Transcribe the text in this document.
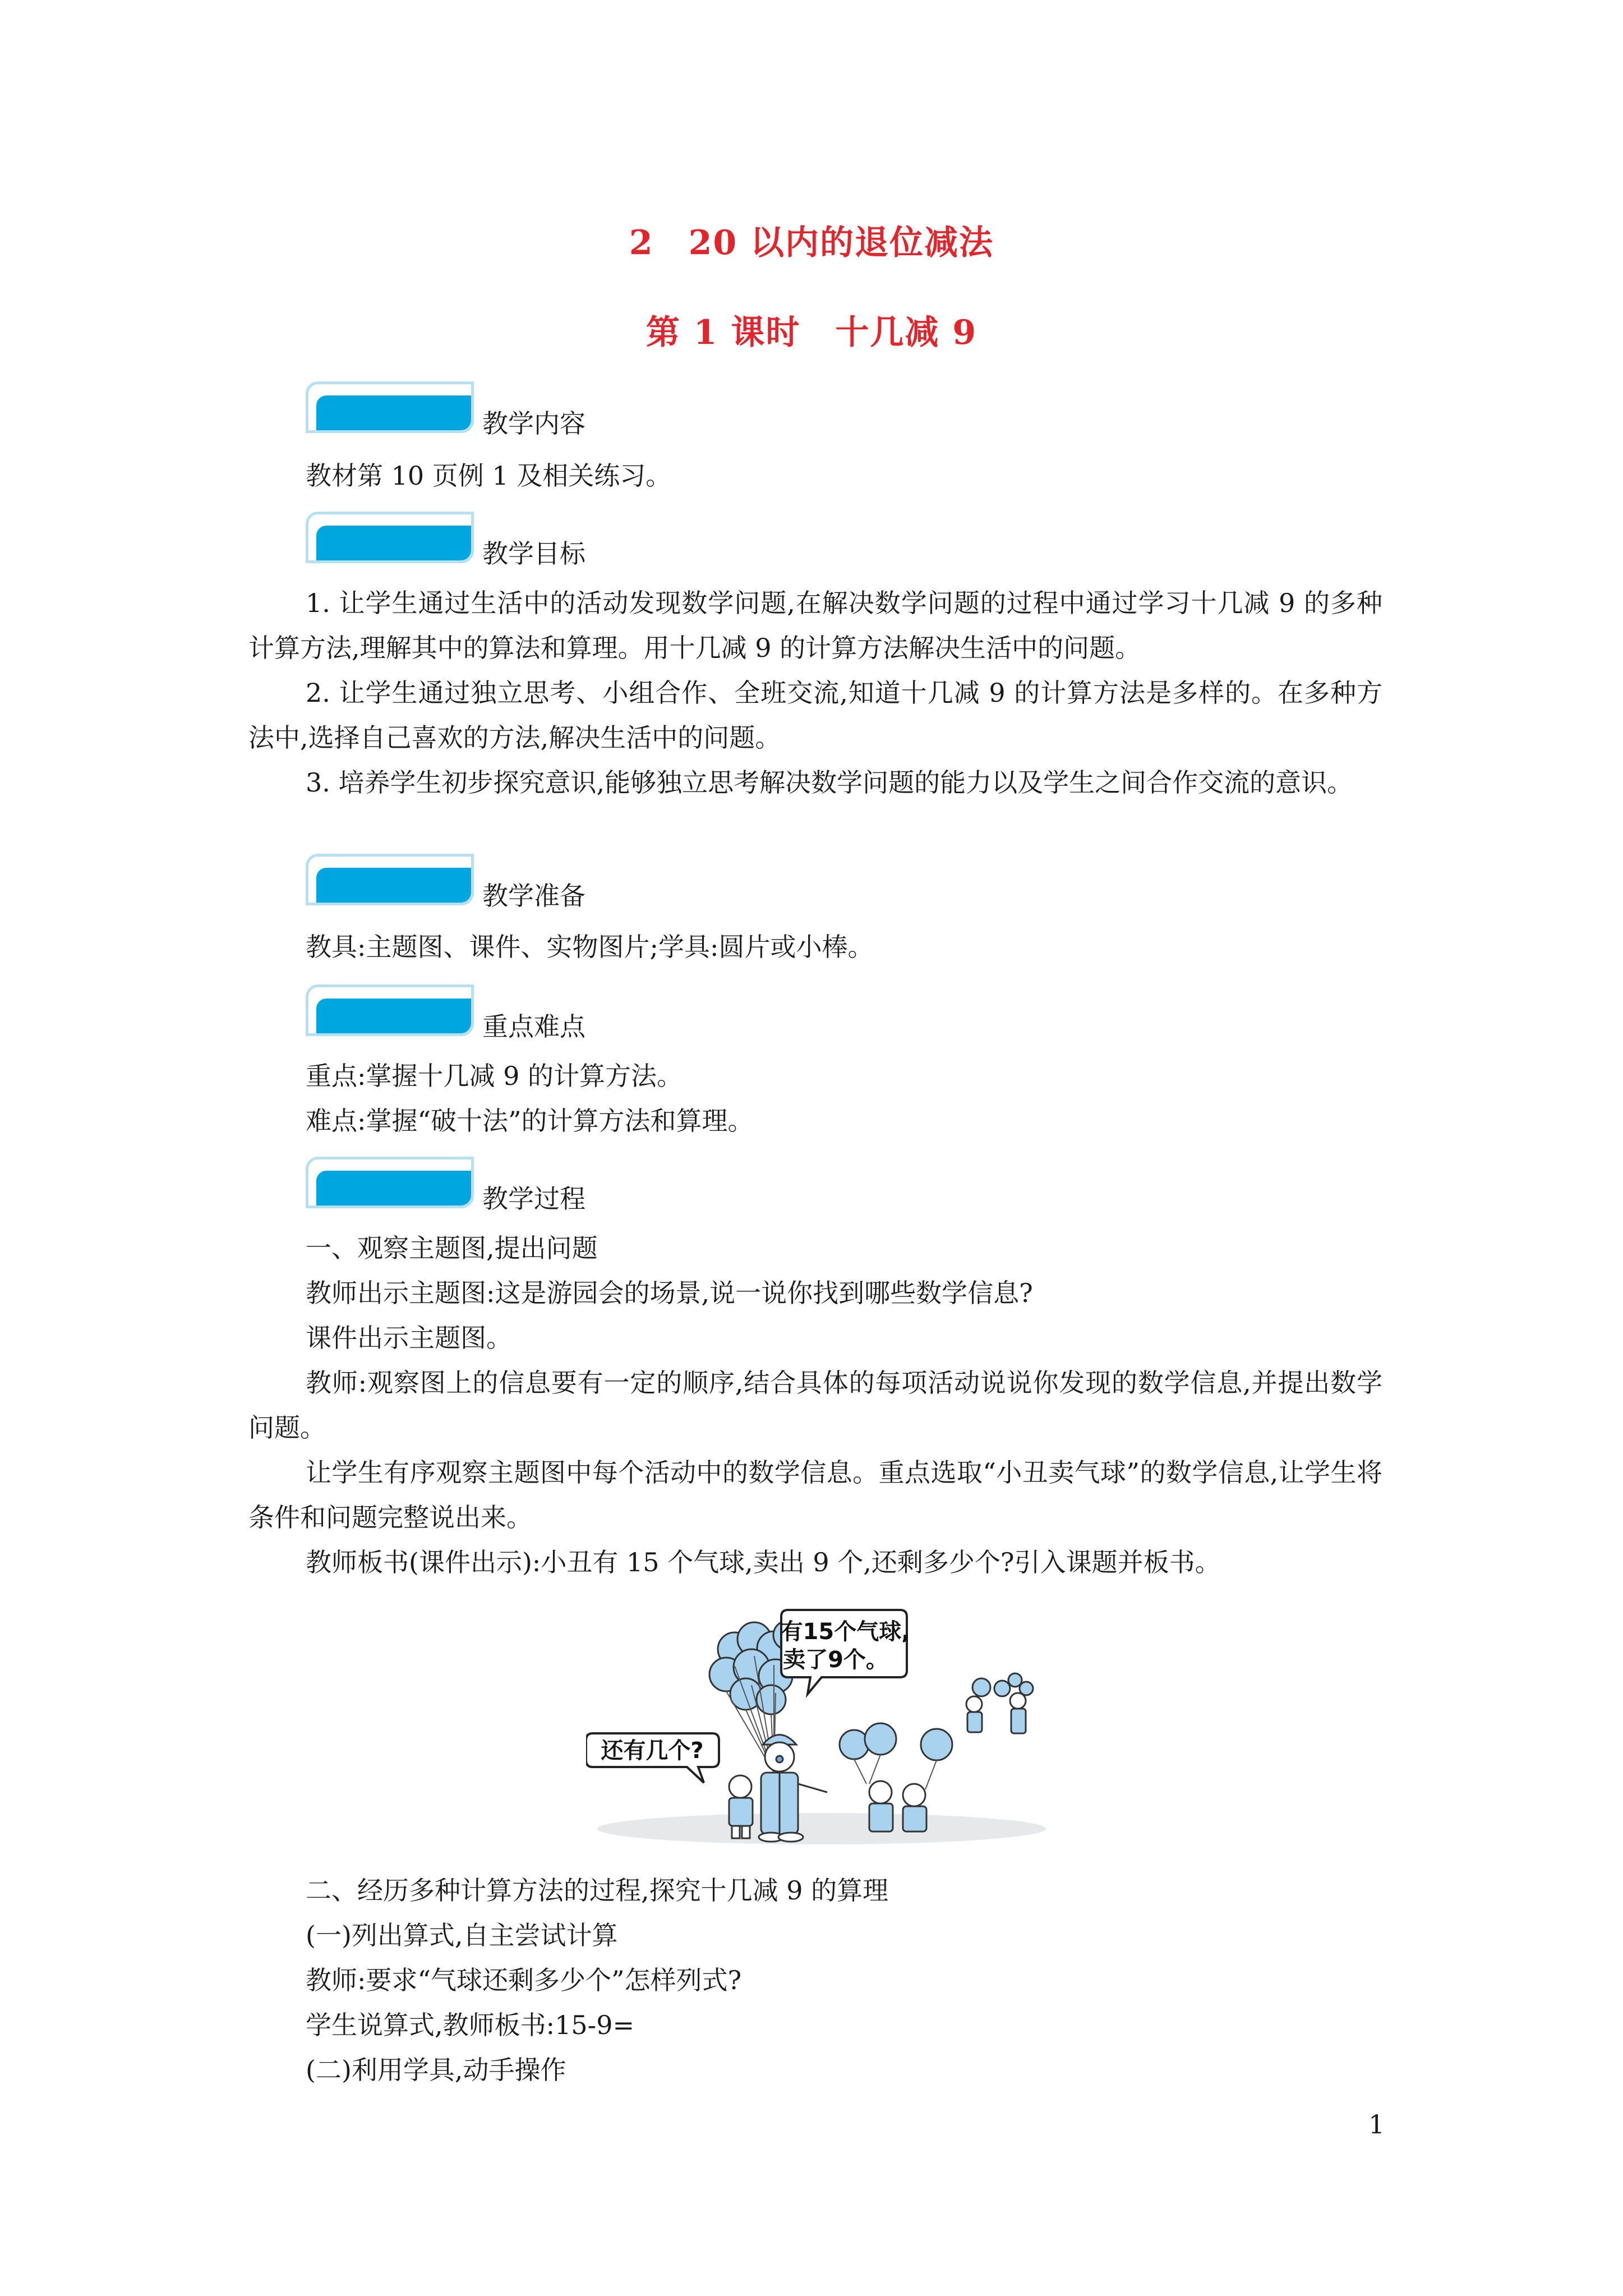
2　20 以内的退位减法
第 1 课时　十几减 9
教学内容
教材第 10 页例 1 及相关练习。
教学目标
1. 让学生通过生活中的活动发现数学问题,在解决数学问题的过程中通过学习十几减 9 的多种计算方法,理解其中的算法和算理。用十几减 9 的计算方法解决生活中的问题。
2. 让学生通过独立思考、小组合作、全班交流,知道十几减 9 的计算方法是多样的。在多种方法中,选择自己喜欢的方法,解决生活中的问题。
3. 培养学生初步探究意识,能够独立思考解决数学问题的能力以及学生之间合作交流的意识。
教学准备
教具:主题图、课件、实物图片;学具:圆片或小棒。
重点难点
重点:掌握十几减 9 的计算方法。
难点:掌握“破十法”的计算方法和算理。
教学过程
一、观察主题图,提出问题
教师出示主题图:这是游园会的场景,说一说你找到哪些数学信息?
课件出示主题图。
教师:观察图上的信息要有一定的顺序,结合具体的每项活动说说你发现的数学信息,并提出数学问题。
让学生有序观察主题图中每个活动中的数学信息。重点选取“小丑卖气球”的数学信息,让学生将条件和问题完整说出来。
教师板书(课件出示):小丑有 15 个气球,卖出 9 个,还剩多少个?引入课题并板书。
有15个气球,
卖了9个。
还有几个?
二、经历多种计算方法的过程,探究十几减 9 的算理
(一)列出算式,自主尝试计算
教师:要求“气球还剩多少个”怎样列式?
学生说算式,教师板书:15-9=
(二)利用学具,动手操作
1
